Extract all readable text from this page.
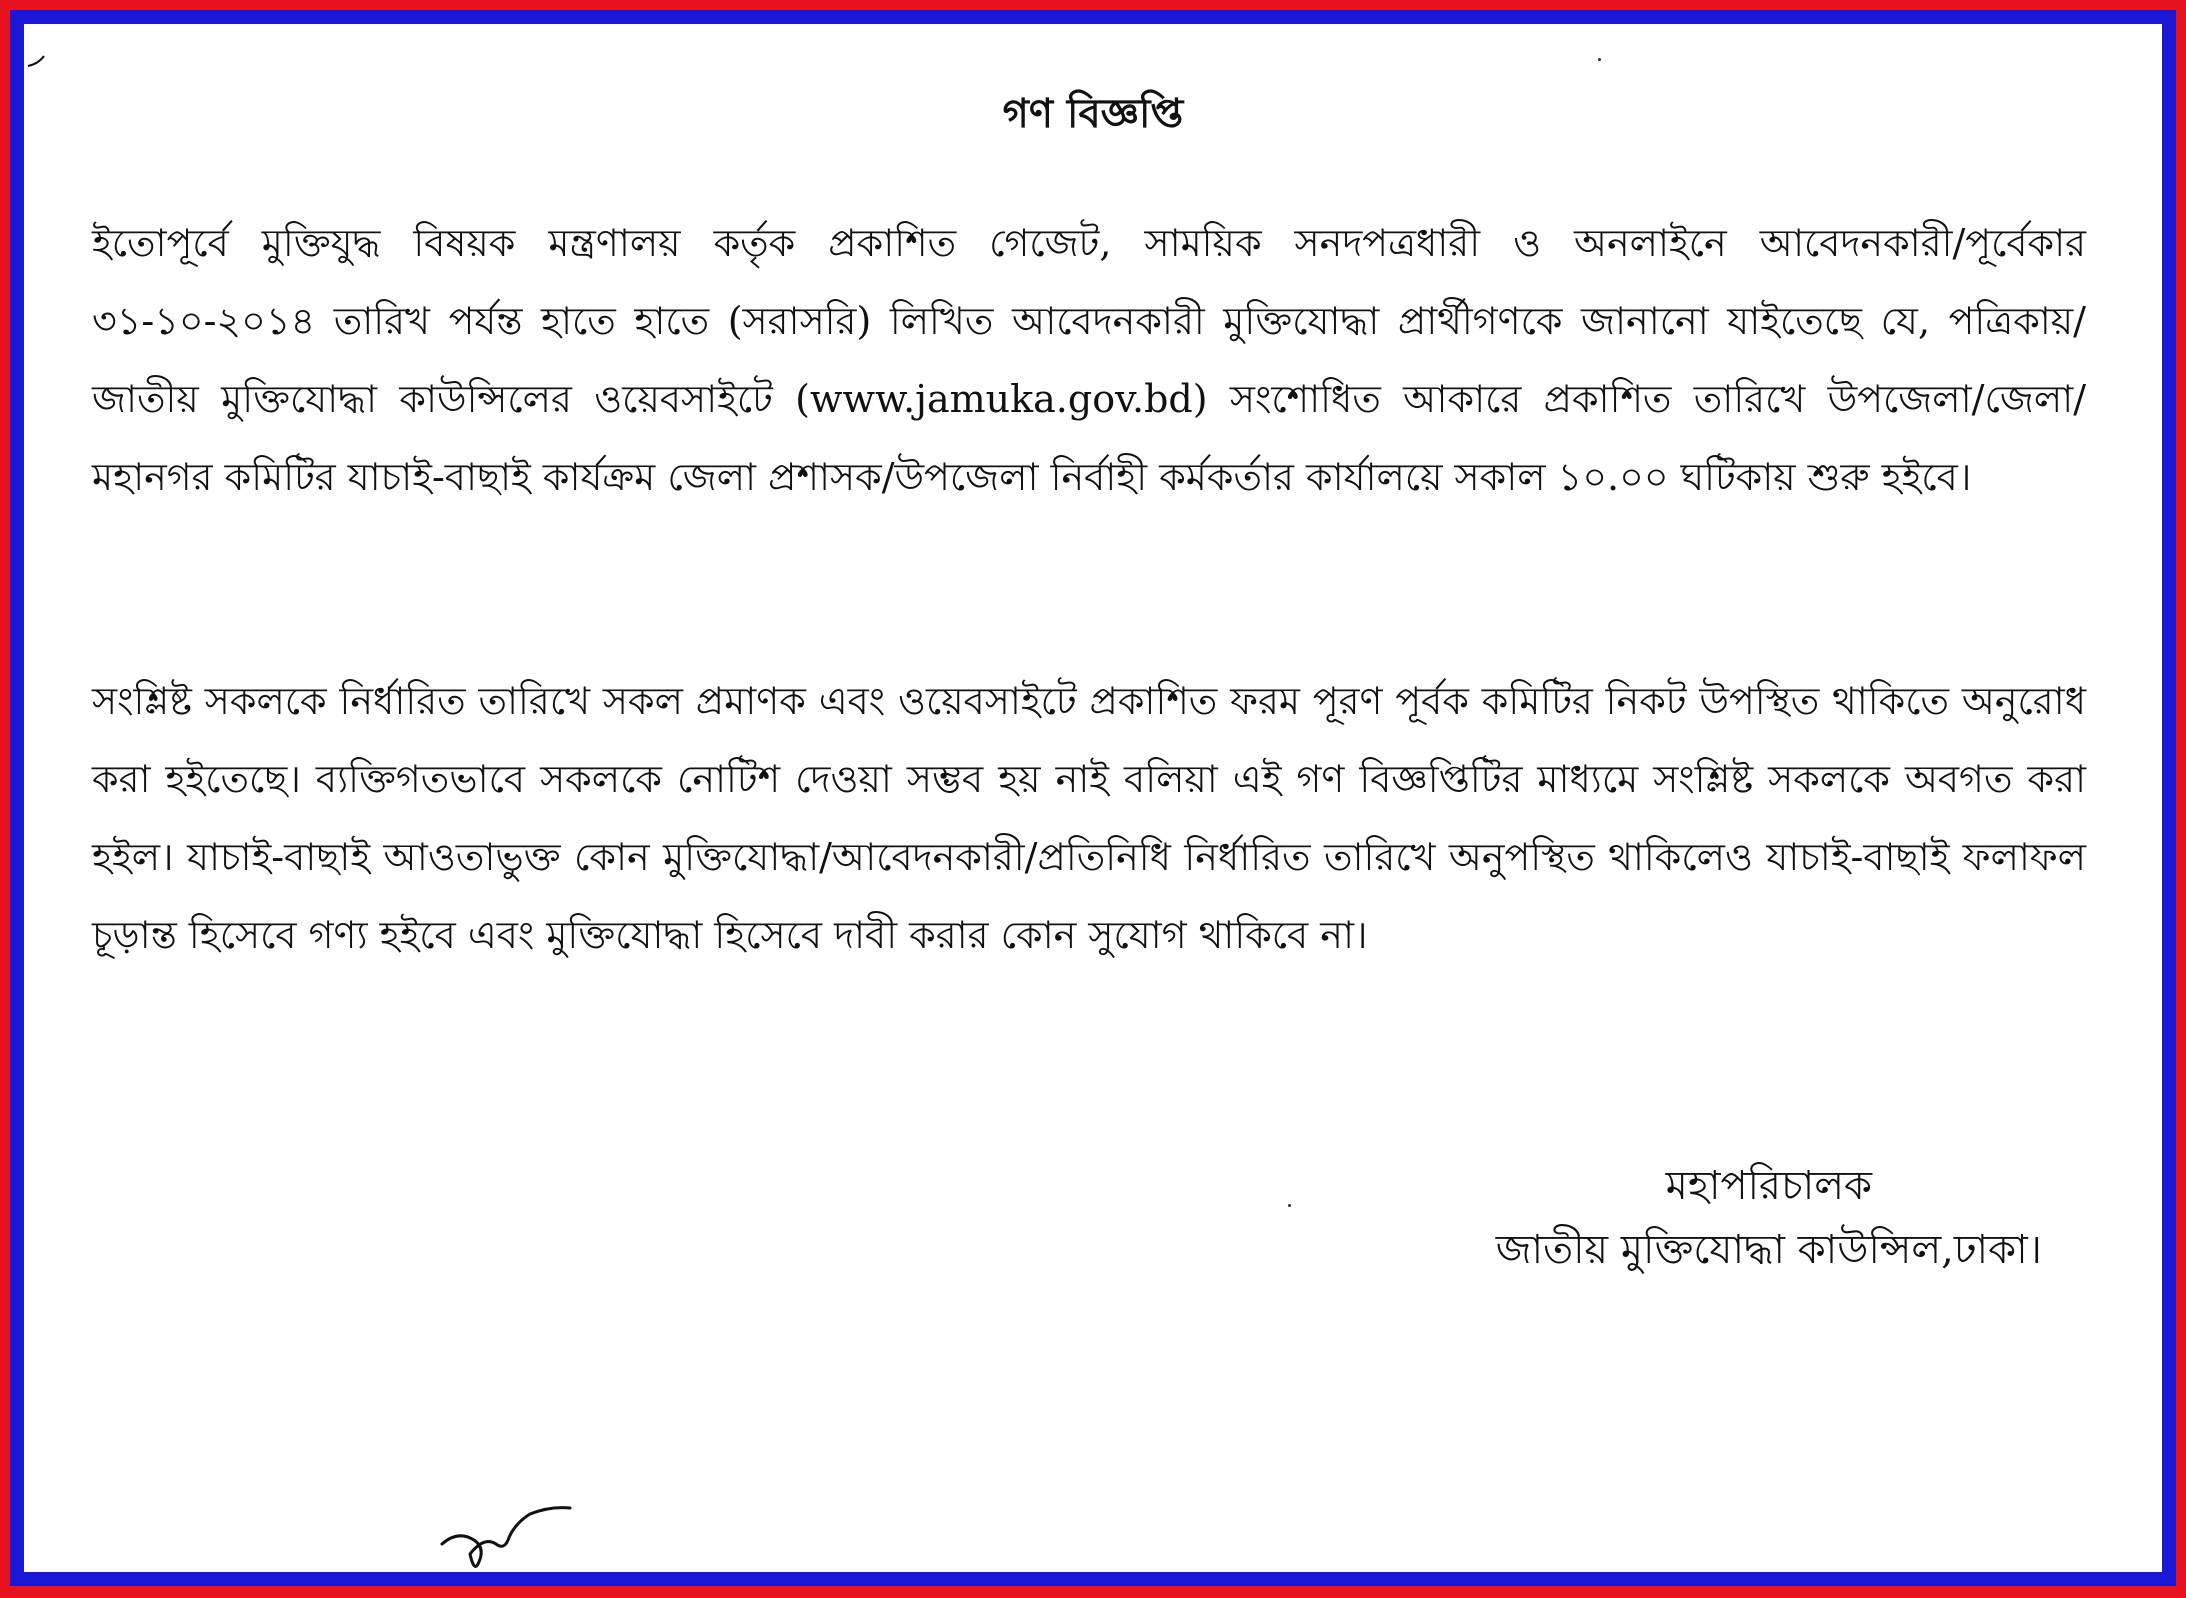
গণ বিজ্ঞপ্তি

ইতোপূর্বে মুক্তিযুদ্ধ বিষয়ক মন্ত্রণালয় কর্তৃক প্রকাশিত গেজেট, সাময়িক সনদপত্রধারী ও অনলাইনে আবেদনকারী/পূর্বেকার ৩১-১০-২০১৪ তারিখ পর্যন্ত হাতে হাতে (সরাসরি) লিখিত আবেদনকারী মুক্তিযোদ্ধা প্রার্থীগণকে জানানো যাইতেছে যে, পত্রিকায়/জাতীয় মুক্তিযোদ্ধা কাউন্সিলের ওয়েবসাইটে (www.jamuka.gov.bd) সংশোধিত আকারে প্রকাশিত তারিখে উপজেলা/জেলা/মহানগর কমিটির যাচাই-বাছাই কার্যক্রম জেলা প্রশাসক/উপজেলা নির্বাহী কর্মকর্তার কার্যালয়ে সকাল ১০.০০ ঘটিকায় শুরু হইবে।

সংশ্লিষ্ট সকলকে নির্ধারিত তারিখে সকল প্রমাণক এবং ওয়েবসাইটে প্রকাশিত ফরম পূরণ পূর্বক কমিটির নিকট উপস্থিত থাকিতে অনুরোধ করা হইতেছে। ব্যক্তিগতভাবে সকলকে নোটিশ দেওয়া সম্ভব হয় নাই বলিয়া এই গণ বিজ্ঞপ্তিটির মাধ্যমে সংশ্লিষ্ট সকলকে অবগত করা হইল। যাচাই-বাছাই আওতাভুক্ত কোন মুক্তিযোদ্ধা/আবেদনকারী/প্রতিনিধি নির্ধারিত তারিখে অনুপস্থিত থাকিলেও যাচাই-বাছাই ফলাফল চূড়ান্ত হিসেবে গণ্য হইবে এবং মুক্তিযোদ্ধা হিসেবে দাবী করার কোন সুযোগ থাকিবে না।

মহাপরিচালক
জাতীয় মুক্তিযোদ্ধা কাউন্সিল,ঢাকা।
